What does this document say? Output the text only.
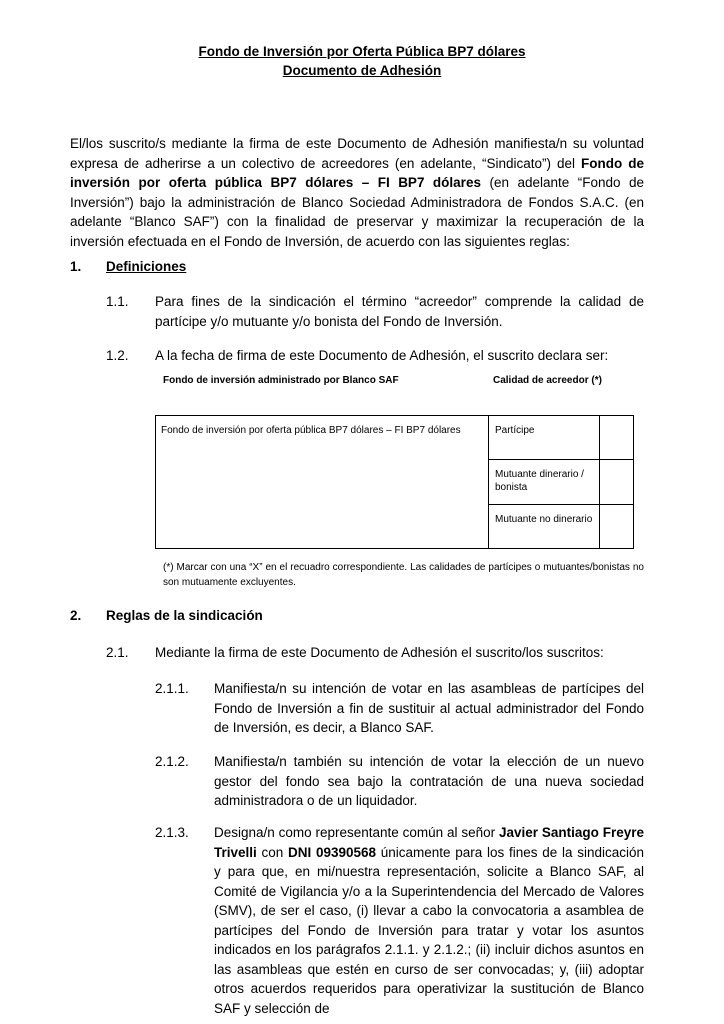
Fondo de Inversión por Oferta Pública BP7 dólares
Documento de Adhesión

El/los suscrito/s mediante la firma de este Documento de Adhesión manifiesta/n su voluntad expresa de adherirse a un colectivo de acreedores (en adelante, “Sindicato”) del Fondo de inversión por oferta pública BP7 dólares – FI BP7 dólares (en adelante “Fondo de Inversión”) bajo la administración de Blanco Sociedad Administradora de Fondos S.A.C. (en adelante “Blanco SAF”) con la finalidad de preservar y maximizar la recuperación de la inversión efectuada en el Fondo de Inversión, de acuerdo con las siguientes reglas:

1. Definiciones
1.1. Para fines de la sindicación el término “acreedor” comprende la calidad de partícipe y/o mutuante y/o bonista del Fondo de Inversión.

1.2. A la fecha de firma de este Documento de Adhesión, el suscrito declara ser:

Fondo de inversión administrado por Blanco SAF	Calidad de acreedor (*)
Fondo de inversión por oferta pública BP7 dólares – FI BP7 dólares	Partícipe	
	Mutuante dinerario / bonista	
	Mutuante no dinerario	
(*) Marcar con una “X” en el recuadro correspondiente. Las calidades de partícipes o mutuantes/bonistas no son mutuamente excluyentes.
2. Reglas de la sindicación
2.1. Mediante la firma de este Documento de Adhesión el suscrito/los suscritos:

2.1.1. Manifiesta/n su intención de votar en las asambleas de partícipes del Fondo de Inversión a fin de sustituir al actual administrador del Fondo de Inversión, es decir, a Blanco SAF.

2.1.2. Manifiesta/n también su intención de votar la elección de un nuevo gestor del fondo sea bajo la contratación de una nueva sociedad administradora o de un liquidador.

2.1.3. Designa/n como representante común al señor Javier Santiago Freyre Trivelli con DNI 09390568 únicamente para los fines de la sindicación y para que, en mi/nuestra representación, solicite a Blanco SAF, al Comité de Vigilancia y/o a la Superintendencia del Mercado de Valores (SMV), de ser el caso, (i) llevar a cabo la convocatoria a asamblea de partícipes del Fondo de Inversión para tratar y votar los asuntos indicados en los parágrafos 2.1.1. y 2.1.2.; (ii) incluir dichos asuntos en las asambleas que estén en curso de ser convocadas; y, (iii) adoptar otros acuerdos requeridos para operativizar la sustitución de Blanco SAF y selección de
